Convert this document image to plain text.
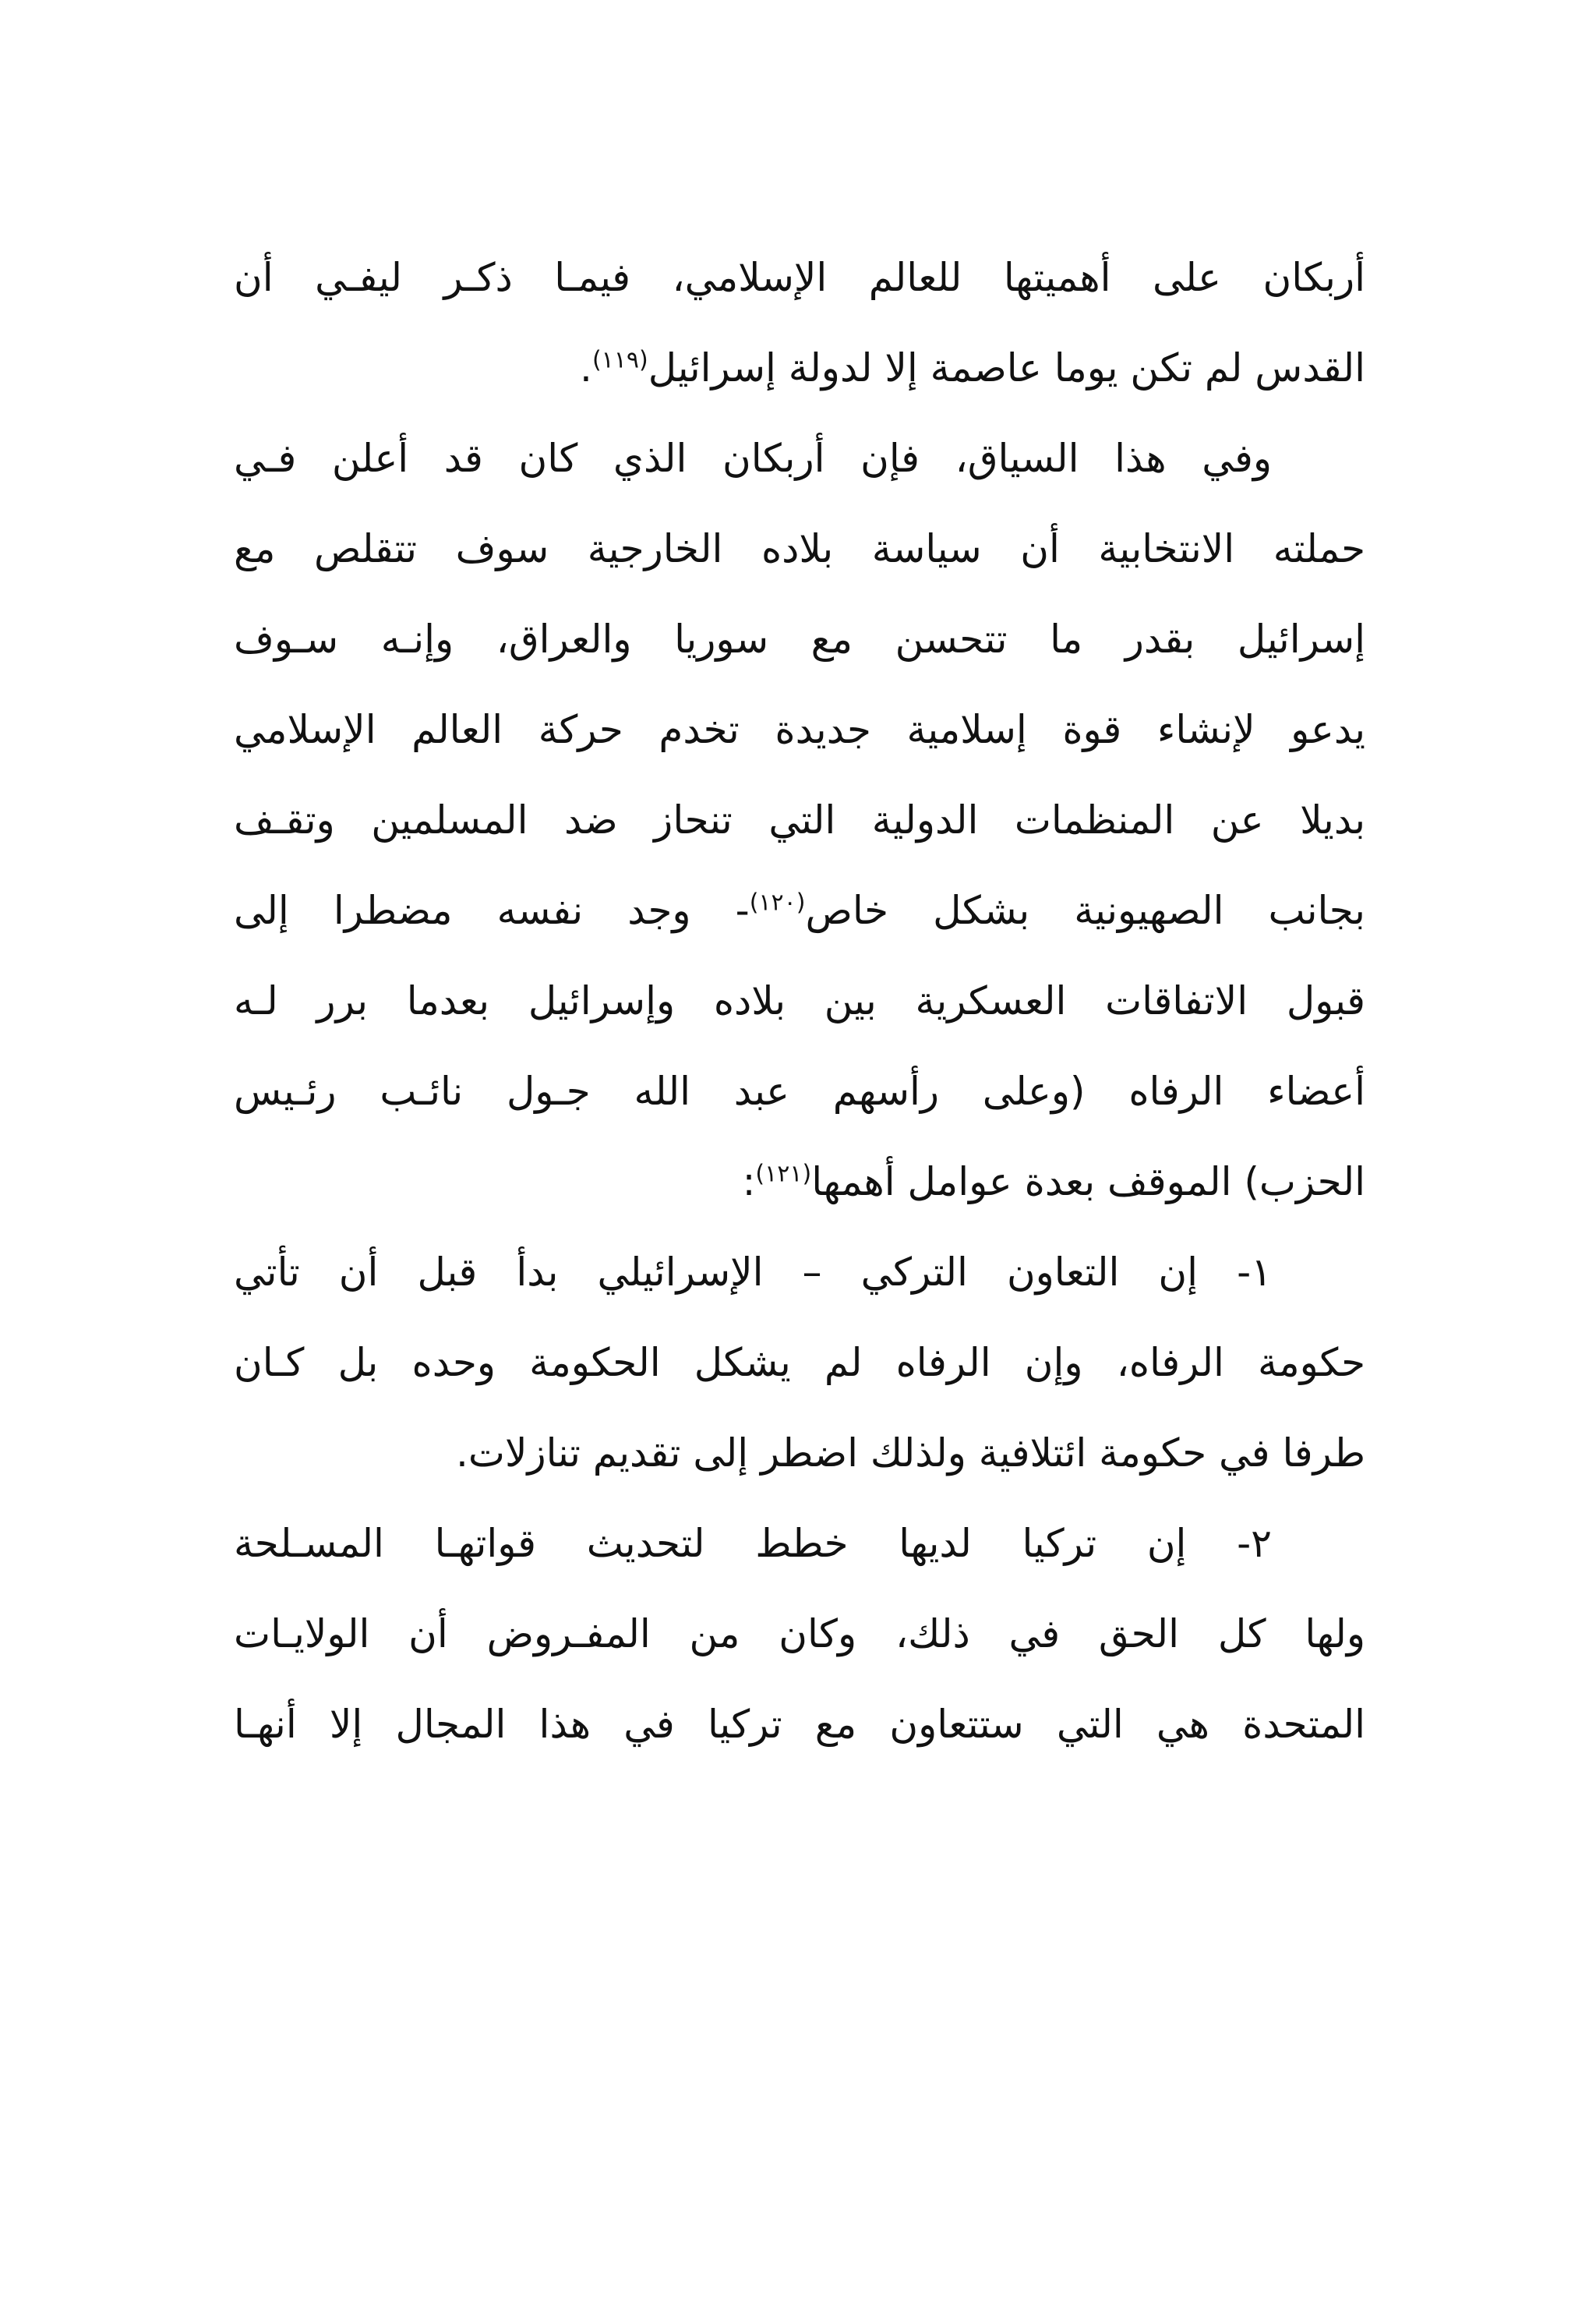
أربكان على أهميتها للعالم الإسلامي، فيمـا ذكـر ليفـي أن
القدس لم تكن يوما عاصمة إلا لدولة إسرائيل$^{(١١٩)}$.
وفي هذا السياق، فإن أربكان الذي كان قد أعلن فـي
حملته الانتخابية أن سياسة بلاده الخارجية سوف تتقلص مع
إسرائيل بقدر ما تتحسن مع سوريا والعراق، وإنـه سـوف
يدعو لإنشاء قوة إسلامية جديدة تخدم حركة العالم الإسلامي
بديلا عن المنظمات الدولية التي تنحاز ضد المسلمين وتقـف
بجانب الصهيونية بشكل خاص$^{(١٢٠)}$- وجد نفسه مضطرا إلى
قبول الاتفاقات العسكرية بين بلاده وإسرائيل بعدما برر لـه
أعضاء الرفاه (وعلى رأسهم عبد الله جـول نائـب رئـيس
الحزب) الموقف بعدة عوامل أهمها$^{(١٢١)}$:
١- إن التعاون التركي – الإسرائيلي بدأ قبل أن تأتي
حكومة الرفاه، وإن الرفاه لم يشكل الحكومة وحده بل كـان
طرفا في حكومة ائتلافية ولذلك اضطر إلى تقديم تنازلات.
٢- إن تركيا لديها خطط لتحديث قواتهـا المسـلحة
ولها كل الحق في ذلك، وكان من المفـروض أن الولايـات
المتحدة هي التي ستتعاون مع تركيا في هذا المجال إلا أنهـا
